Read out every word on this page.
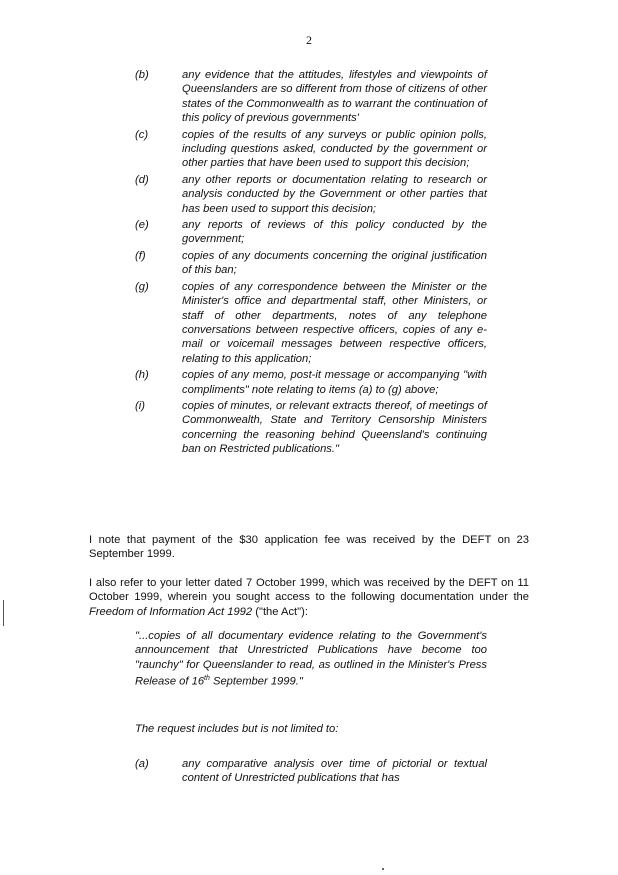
2
(b)	any evidence that the attitudes, lifestyles and viewpoints of Queenslanders are so different from those of citizens of other states of the Commonwealth as to warrant the continuation of this policy of previous governments'

(c)	copies of the results of any surveys or public opinion polls, including questions asked, conducted by the government or other parties that have been used to support this decision;

(d)	any other reports or documentation relating to research or analysis conducted by the Government or other parties that has been used to support this decision;

(e)	any reports of reviews of this policy conducted by the government;

(f)	copies of any documents concerning the original justification of this ban;

(g)	copies of any correspondence between the Minister or the Minister's office and departmental staff, other Ministers, or staff of other departments, notes of any telephone conversations between respective officers, copies of any e-mail or voicemail messages between respective officers, relating to this application;

(h)	copies of any memo, post-it message or accompanying "with compliments" note relating to items (a) to (g) above;

(i)	copies of minutes, or relevant extracts thereof, of meetings of Commonwealth, State and Territory Censorship Ministers concerning the reasoning behind Queensland's continuing ban on Restricted publications."

I note that payment of the $30 application fee was received by the DEFT on 23 September 1999.

I also refer to your letter dated 7 October 1999, which was received by the DEFT on 11 October 1999, wherein you sought access to the following documentation under the Freedom of Information Act 1992 ("the Act"):

"...copies of all documentary evidence relating to the Government's announcement that Unrestricted Publications have become too "raunchy" for Queenslander to read, as outlined in the Minister's Press Release of 16th September 1999."

The request includes but is not limited to:

(a)	any comparative analysis over time of pictorial or textual content of Unrestricted publications that has
